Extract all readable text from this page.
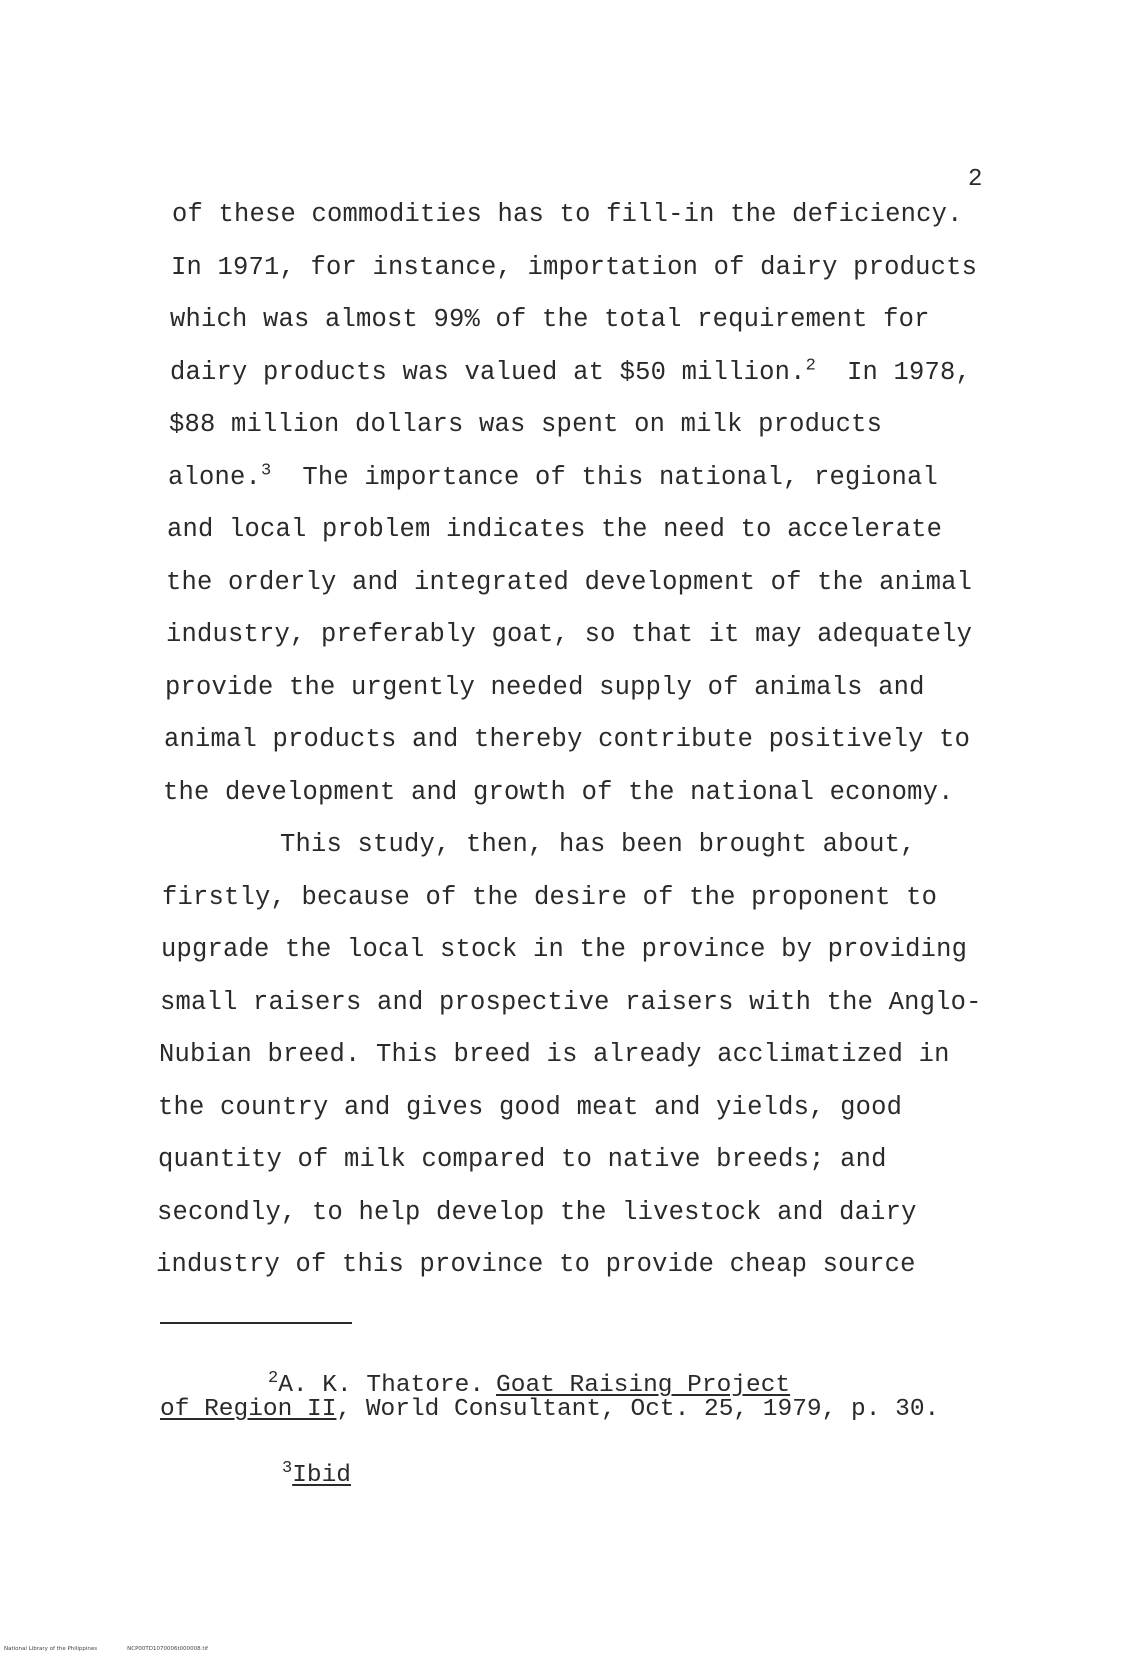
2
of these commodities has to fill-in the deficiency.
In 1971, for instance, importation of dairy products
which was almost 99% of the total requirement for
dairy products was valued at $50 million.$^2$  In 1978,
$88 million dollars was spent on milk products
alone.$^3$  The importance of this national, regional
and local problem indicates the need to accelerate
the orderly and integrated development of the animal
industry, preferably goat, so that it may adequately
provide the urgently needed supply of animals and
animal products and thereby contribute positively to
the development and growth of the national economy.
This study, then, has been brought about,
firstly, because of the desire of the proponent to
upgrade the local stock in the province by providing
small raisers and prospective raisers with the Anglo-
Nubian breed. This breed is already acclimatized in
the country and gives good meat and yields, good
quantity of milk compared to native breeds; and
secondly, to help develop the livestock and dairy
industry of this province to provide cheap source
$^2$A. K. Thatore. Goat Raising Project
of Region II, World Consultant, Oct. 25, 1979, p. 30.
$^3$Ibid
National Library of the Philippines	NCP00TD1070006t000008.tif
